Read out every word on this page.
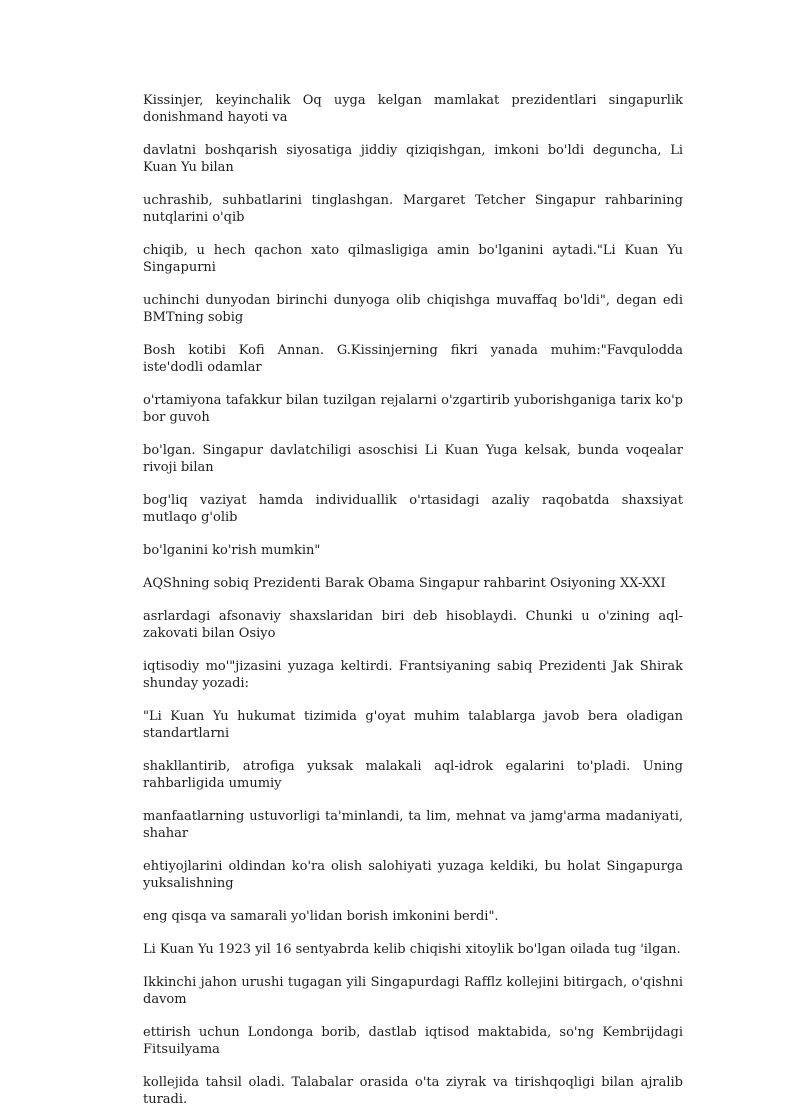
Kissinjer, keyinchalik Oq uyga kelgan mamlakat prezidentlari singapurlik donishmand hayoti va

davlatni boshqarish siyosatiga jiddiy qiziqishgan, imkoni bo'ldi deguncha, Li Kuan Yu bilan

uchrashib, suhbatlarini tinglashgan. Margaret Tetcher Singapur rahbarining nutqlarini o'qib

chiqib, u hech qachon xato qilmasligiga amin bo'lganini aytadi."Li Kuan Yu Singapurni

uchinchi dunyodan birinchi dunyoga olib chiqishga muvaffaq bo'ldi", degan edi BMTning sobig

Bosh kotibi Kofi Annan. G.Kissinjerning fikri yanada muhim:"Favqulodda iste'dodli odamlar

o'rtamiyona tafakkur bilan tuzilgan rejalarni o'zgartirib yuborishganiga tarix ko'p bor guvoh

bo'lgan. Singapur davlatchiligi asoschisi Li Kuan Yuga kelsak, bunda voqealar rivoji bilan

bog'liq vaziyat hamda individuallik o'rtasidagi azaliy raqobatda shaxsiyat mutlaqo g'olib

bo'lganini ko'rish mumkin"

AQShning sobiq Prezidenti Barak Obama Singapur rahbarint Osiyoning XX-XXI

asrlardagi afsonaviy shaxslaridan biri deb hisoblaydi. Chunki u o'zining aql-zakovati bilan Osiyo

iqtisodiy mo'"jizasini yuzaga keltirdi. Frantsiyaning sabiq Prezidenti Jak Shirak shunday yozadi:

"Li Kuan Yu hukumat tizimida g'oyat muhim talablarga javob bera oladigan standartlarni

shakllantirib, atrofiga yuksak malakali aql-idrok egalarini to'pladi. Uning rahbarligida umumiy

manfaatlarning ustuvorligi ta'minlandi, ta lim, mehnat va jamg'arma madaniyati, shahar

ehtiyojlarini oldindan ko'ra olish salohiyati yuzaga keldiki, bu holat Singapurga yuksalishning

eng qisqa va samarali yo'lidan borish imkonini berdi".

Li Kuan Yu 1923 yil 16 sentyabrda kelib chiqishi xitoylik bo'lgan oilada tug 'ilgan.

Ikkinchi jahon urushi tugagan yili Singapurdagi Rafflz kollejini bitirgach, o'qishni davom

ettirish uchun Londonga borib, dastlab iqtisod maktabida, so'ng Kembrijdagi Fitsuilyama

kollejida tahsil oladi. Talabalar orasida o'ta ziyrak va tirishqoqligi bilan ajralib turadi.
